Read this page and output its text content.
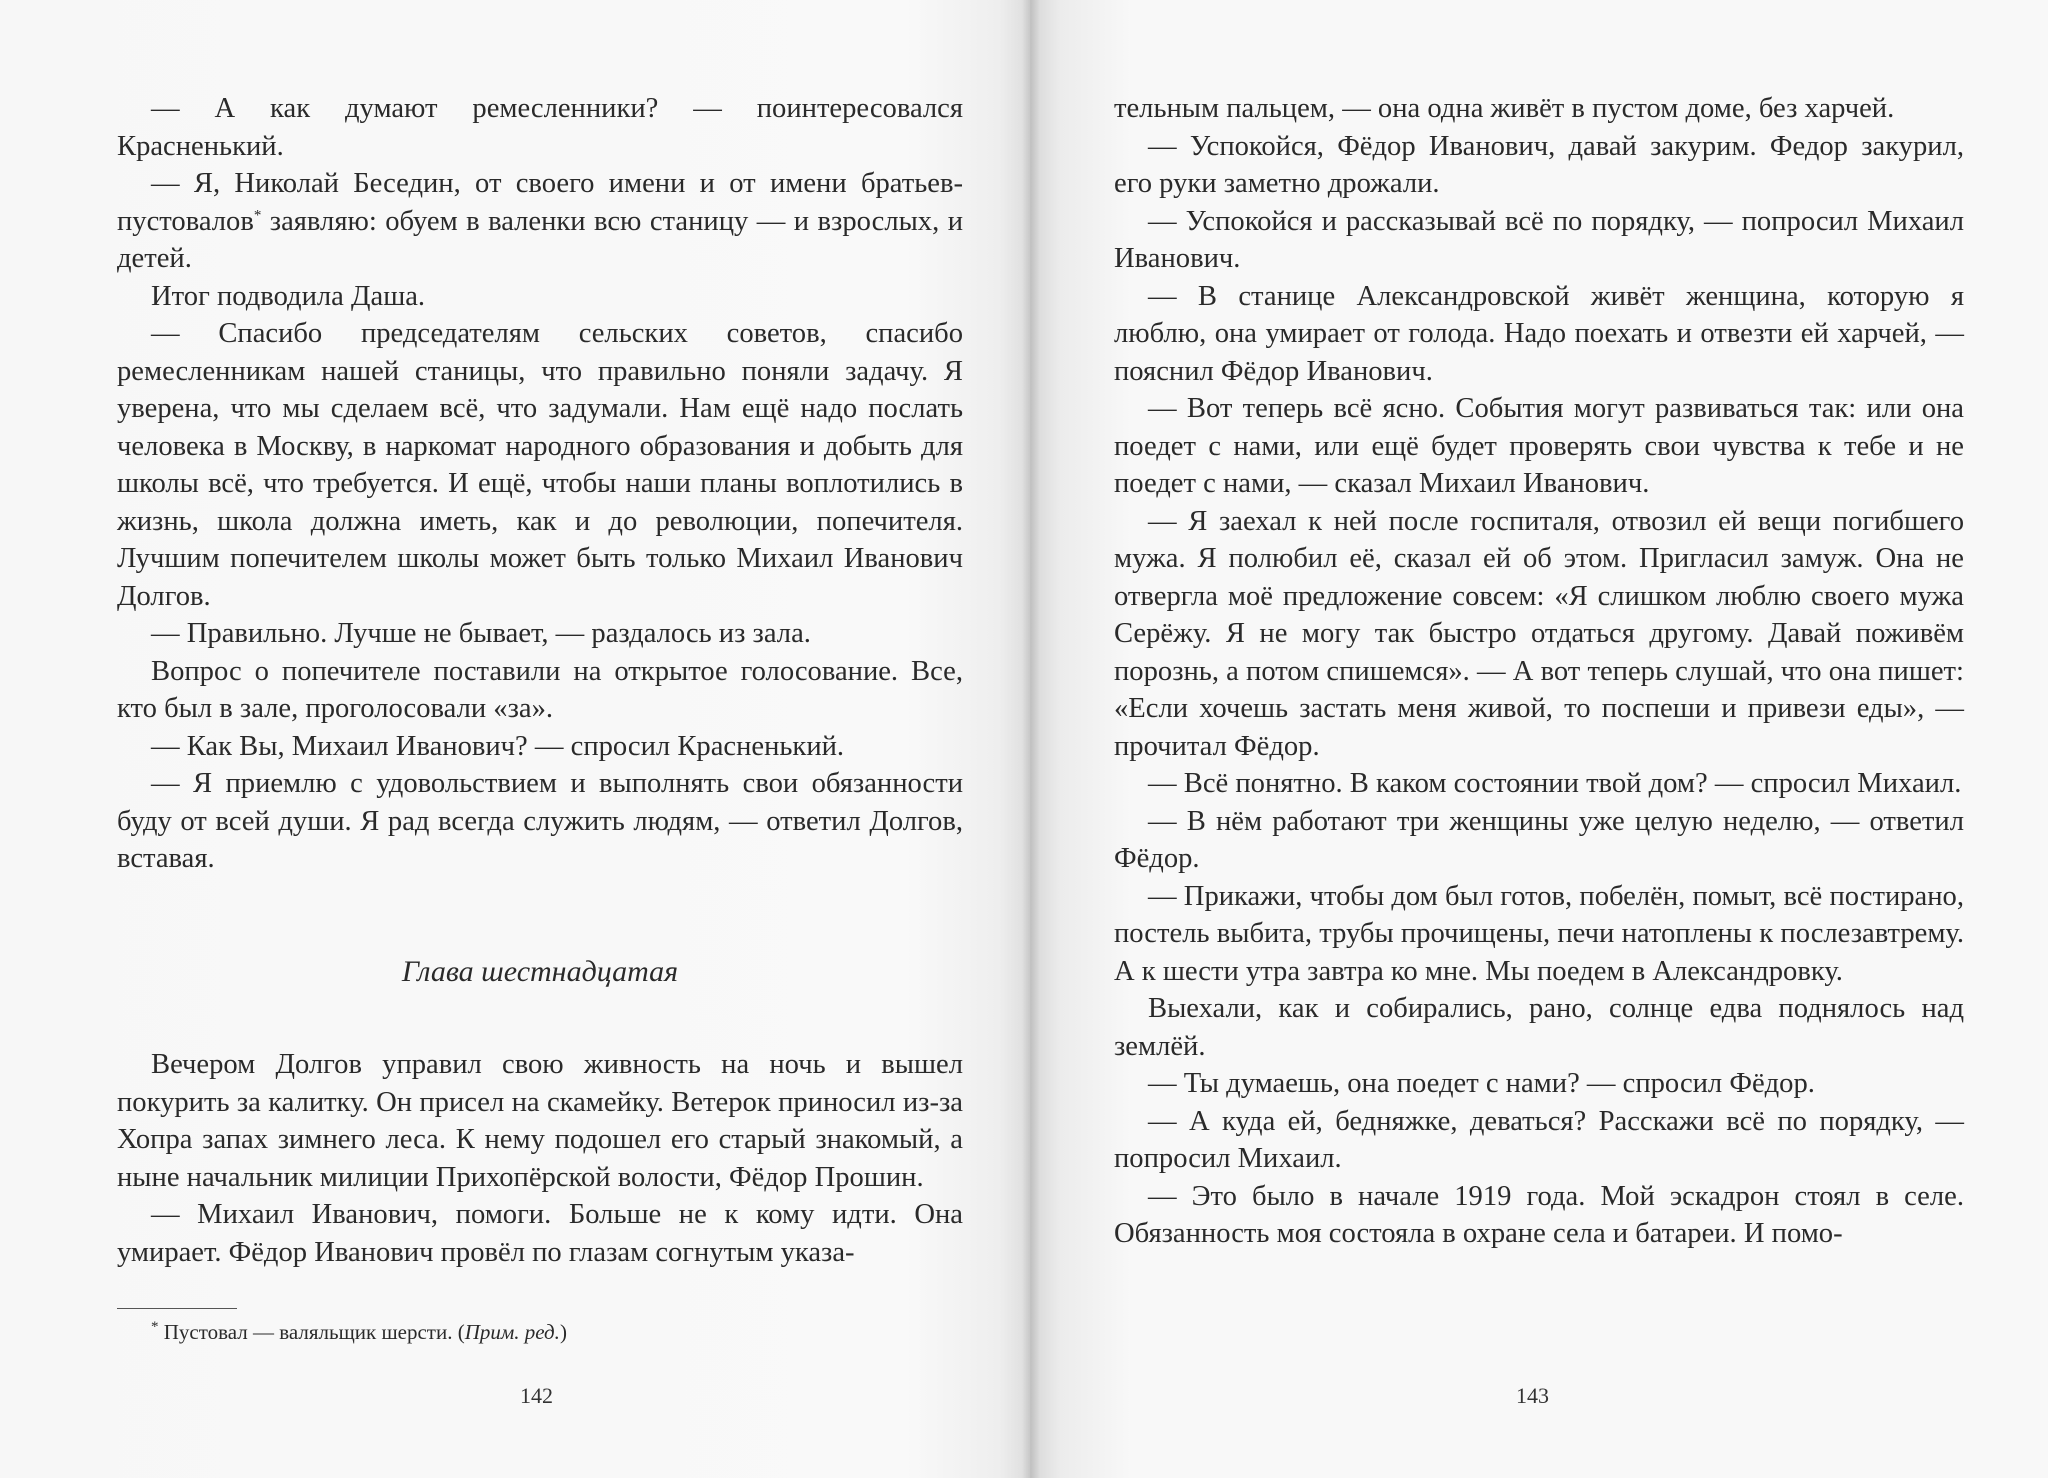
— А как думают ремесленники? — поинтересовался Красненький.

— Я, Николай Беседин, от своего имени и от имени братьев-пустовалов* заявляю: обуем в валенки всю станицу — и взрослых, и детей.

Итог подводила Даша.

— Спасибо председателям сельских советов, спасибо ремесленникам нашей станицы, что правильно поняли задачу. Я уверена, что мы сделаем всё, что задумали. Нам ещё надо послать человека в Москву, в наркомат народного образования и добыть для школы всё, что требуется. И ещё, чтобы наши планы воплотились в жизнь, школа должна иметь, как и до революции, попечителя. Лучшим попечителем школы может быть только Михаил Иванович Долгов.

— Правильно. Лучше не бывает, — раздалось из зала.

Вопрос о попечителе поставили на открытое голосование. Все, кто был в зале, проголосовали «за».

— Как Вы, Михаил Иванович? — спросил Красненький.

— Я приемлю с удовольствием и выполнять свои обязанности буду от всей души. Я рад всегда служить людям, — ответил Долгов, вставая.

Глава шестнадцатая

Вечером Долгов управил свою живность на ночь и вышел покурить за калитку. Он присел на скамейку. Ветерок приносил из-за Хопра запах зимнего леса. К нему подошел его старый знакомый, а ныне начальник милиции Прихопёрской волости, Фёдор Прошин.

— Михаил Иванович, помоги. Больше не к кому идти. Она умирает. Фёдор Иванович провёл по глазам согнутым указа-

* Пустовал — валяльщик шерсти. (Прим. ред.)
142

тельным пальцем, — она одна живёт в пустом доме, без харчей.

— Успокойся, Фёдор Иванович, давай закурим. Федор закурил, его руки заметно дрожали.

— Успокойся и рассказывай всё по порядку, — попросил Михаил Иванович.

— В станице Александровской живёт женщина, которую я люблю, она умирает от голода. Надо поехать и отвезти ей харчей, — пояснил Фёдор Иванович.

— Вот теперь всё ясно. События могут развиваться так: или она поедет с нами, или ещё будет проверять свои чувства к тебе и не поедет с нами, — сказал Михаил Иванович.

— Я заехал к ней после госпиталя, отвозил ей вещи погибшего мужа. Я полюбил её, сказал ей об этом. Пригласил замуж. Она не отвергла моё предложение совсем: «Я слишком люблю своего мужа Серёжу. Я не могу так быстро отдаться другому. Давай поживём порознь, а потом спишемся». — А вот теперь слушай, что она пишет: «Если хочешь застать меня живой, то поспеши и привези еды», — прочитал Фёдор.

— Всё понятно. В каком состоянии твой дом? — спросил Михаил.

— В нём работают три женщины уже целую неделю, — ответил Фёдор.

— Прикажи, чтобы дом был готов, побелён, помыт, всё постирано, постель выбита, трубы прочищены, печи натоплены к послезавтрему. А к шести утра завтра ко мне. Мы поедем в Александровку.

Выехали, как и собирались, рано, солнце едва поднялось над землёй.

— Ты думаешь, она поедет с нами? — спросил Фёдор.

— А куда ей, бедняжке, деваться? Расскажи всё по порядку, — попросил Михаил.

— Это было в начале 1919 года. Мой эскадрон стоял в селе. Обязанность моя состояла в охране села и батареи. И помо-

143
